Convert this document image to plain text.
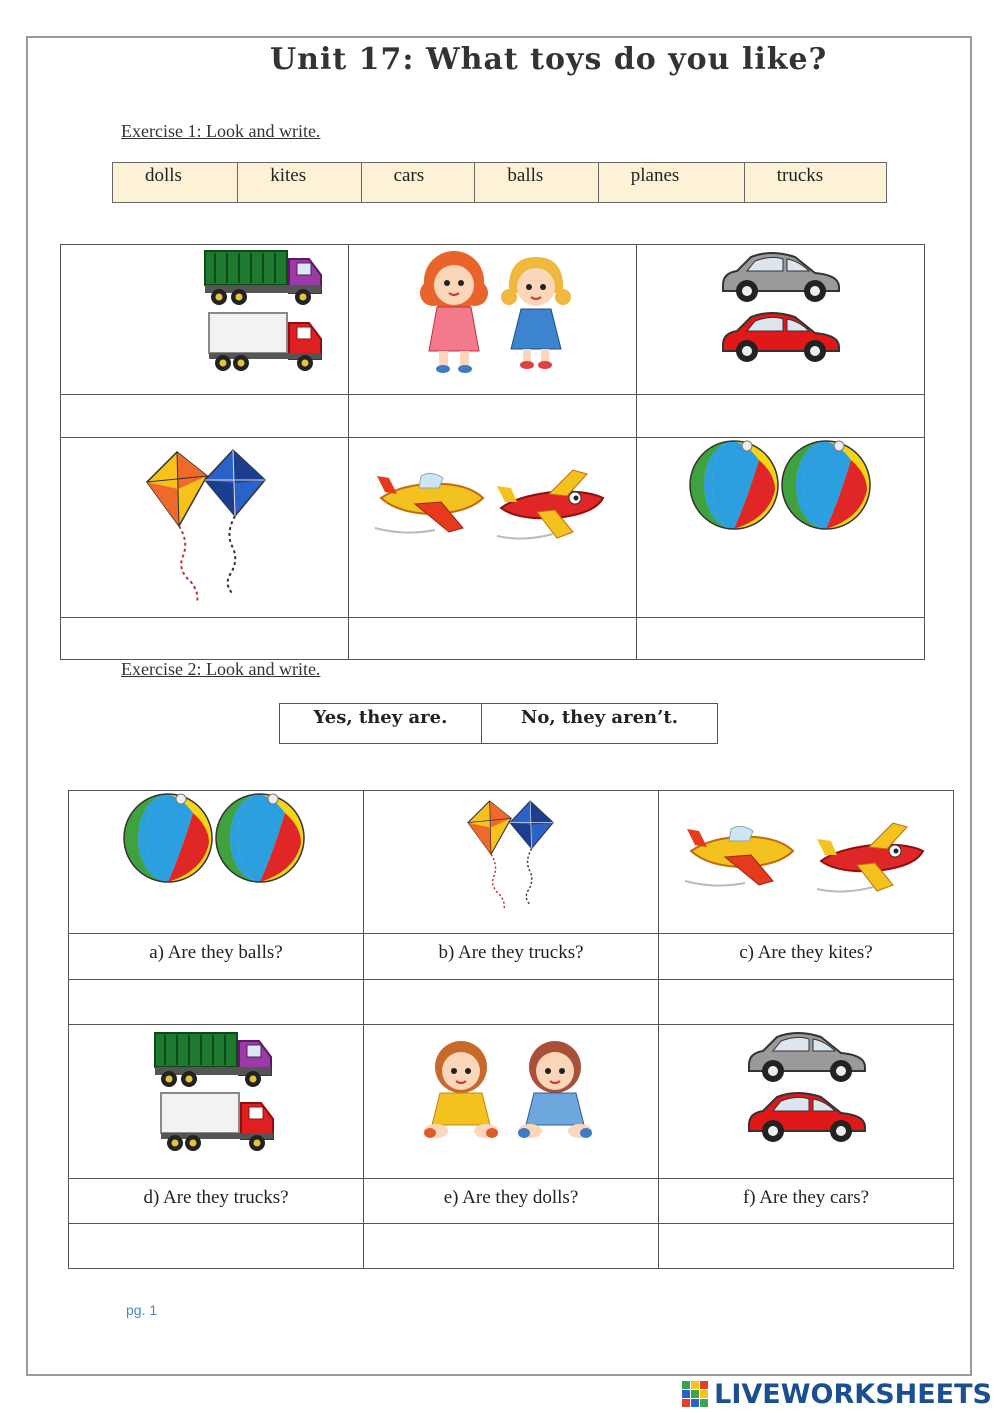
Unit 17: What toys do you like?
Exercise 1: Look and write.
dolls	kites	cars	balls	planes	trucks

Exercise 2: Look and write.
Yes, they are.	No, they aren’t.

a) Are they balls?	b) Are they trucks?	c) Are they kites?

d) Are they trucks?	e) Are they dolls?	f) Are they cars?

pg. 1
LIVEWORKSHEETS
